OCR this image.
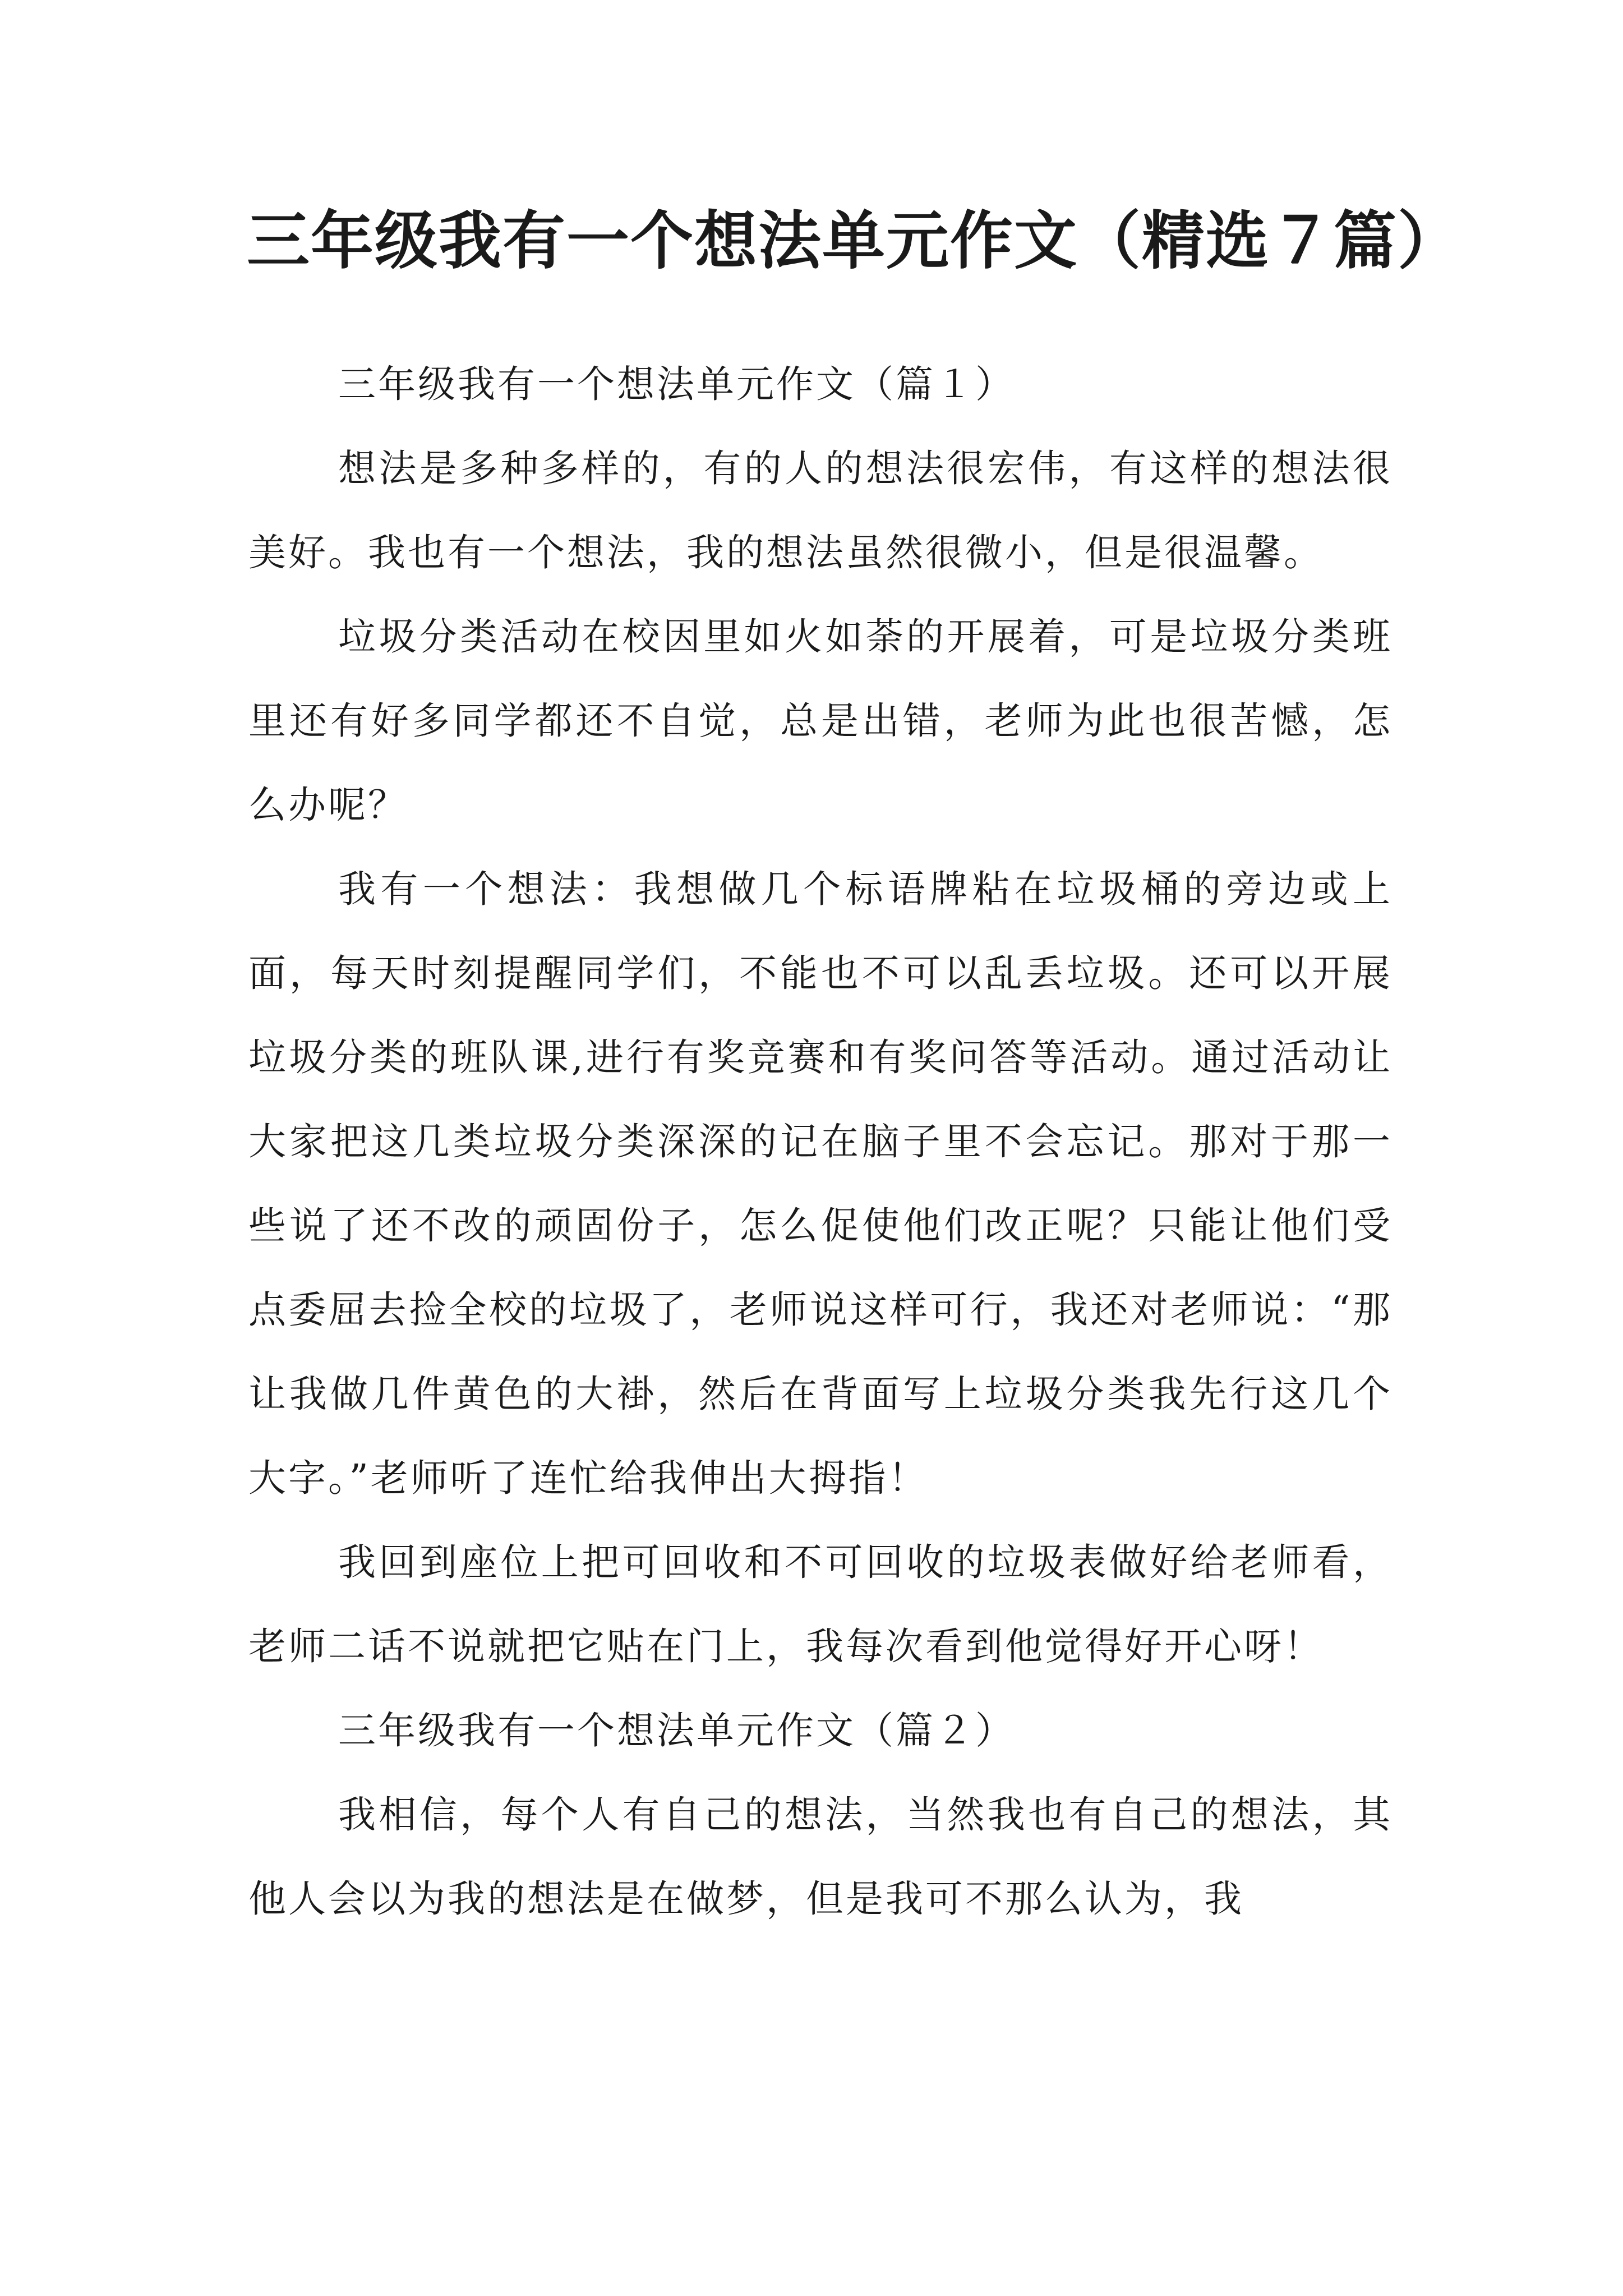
三年级我有一个想法单元作文（精选７篇）

三年级我有一个想法单元作文（篇１）

想法是多种多样的，有的人的想法很宏伟，有这样的想法很美好。我也有一个想法，我的想法虽然很微小，但是很温馨。

垃圾分类活动在校因里如火如荼的开展着，可是垃圾分类班里还有好多同学都还不自觉，总是出错，老师为此也很苦憾，怎么办呢？

我有一个想法：我想做几个标语牌粘在垃圾桶的旁边或上面，每天时刻提醒同学们，不能也不可以乱丢垃圾。还可以开展垃圾分类的班队课,进行有奖竞赛和有奖问答等活动。通过活动让大家把这几类垃圾分类深深的记在脑子里不会忘记。那对于那一些说了还不改的顽固份子，怎么促使他们改正呢？只能让他们受点委屈去捡全校的垃圾了，老师说这样可行，我还对老师说：“那让我做几件黄色的大褂，然后在背面写上垃圾分类我先行这几个大字。”老师听了连忙给我伸出大拇指！

我回到座位上把可回收和不可回收的垃圾表做好给老师看，老师二话不说就把它贴在门上，我每次看到他觉得好开心呀！

三年级我有一个想法单元作文（篇２）

我相信，每个人有自己的想法，当然我也有自己的想法，其他人会以为我的想法是在做梦，但是我可不那么认为，我
